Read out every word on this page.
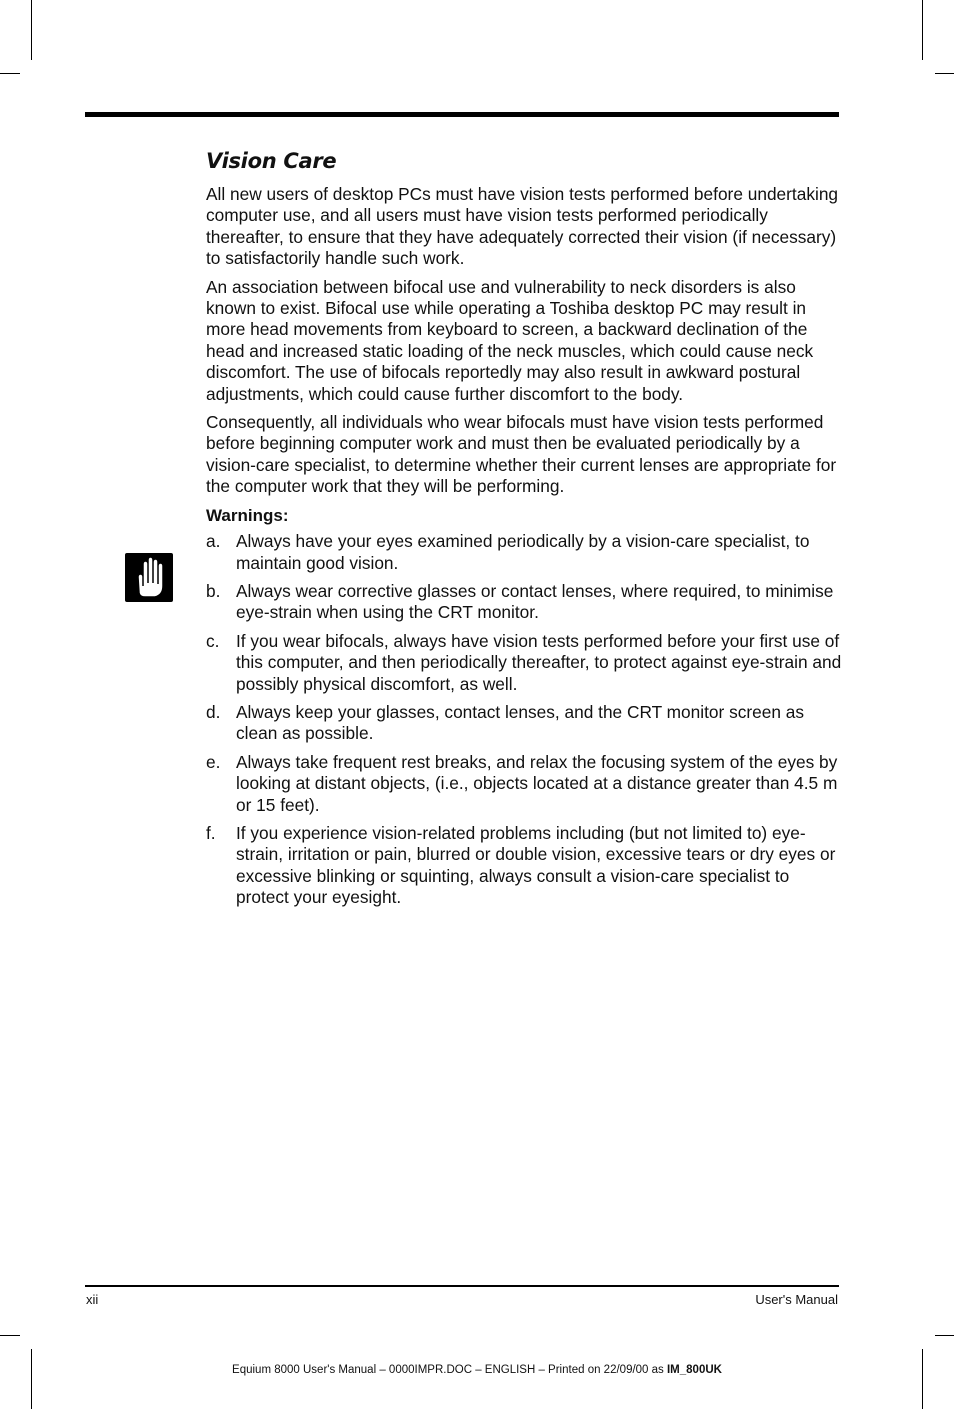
Vision Care

All new users of desktop PCs must have vision tests performed before undertaking computer use, and all users must have vision tests performed periodically thereafter, to ensure that they have adequately corrected their vision (if necessary) to satisfactorily handle such work.

An association between bifocal use and vulnerability to neck disorders is also known to exist. Bifocal use while operating a Toshiba desktop PC may result in more head movements from keyboard to screen, a backward declination of the head and increased static loading of the neck muscles, which could cause neck discomfort. The use of bifocals reportedly may also result in awkward postural adjustments, which could cause further discomfort to the body.

Consequently, all individuals who wear bifocals must have vision tests performed before beginning computer work and must then be evaluated periodically by a vision-care specialist, to determine whether their current lenses are appropriate for the computer work that they will be performing.

Warnings:
a. Always have your eyes examined periodically by a vision-care specialist, to maintain good vision.
b. Always wear corrective glasses or contact lenses, where required, to minimise eye-strain when using the CRT monitor.
c. If you wear bifocals, always have vision tests performed before your first use of this computer, and then periodically thereafter, to protect against eye-strain and possibly physical discomfort, as well.
d. Always keep your glasses, contact lenses, and the CRT monitor screen as clean as possible.
e. Always take frequent rest breaks, and relax the focusing system of the eyes by looking at distant objects, (i.e., objects located at a distance greater than 4.5 m or 15 feet).
f.	If you experience vision-related problems including (but not limited to) eye-strain, irritation or pain, blurred or double vision, excessive tears or dry eyes or excessive blinking or squinting, always consult a vision-care specialist to protect your eyesight.
xii	User's Manual
Equium 8000 User's Manual – 0000IMPR.DOC – ENGLISH – Printed on 22/09/00 as IM_800UK
